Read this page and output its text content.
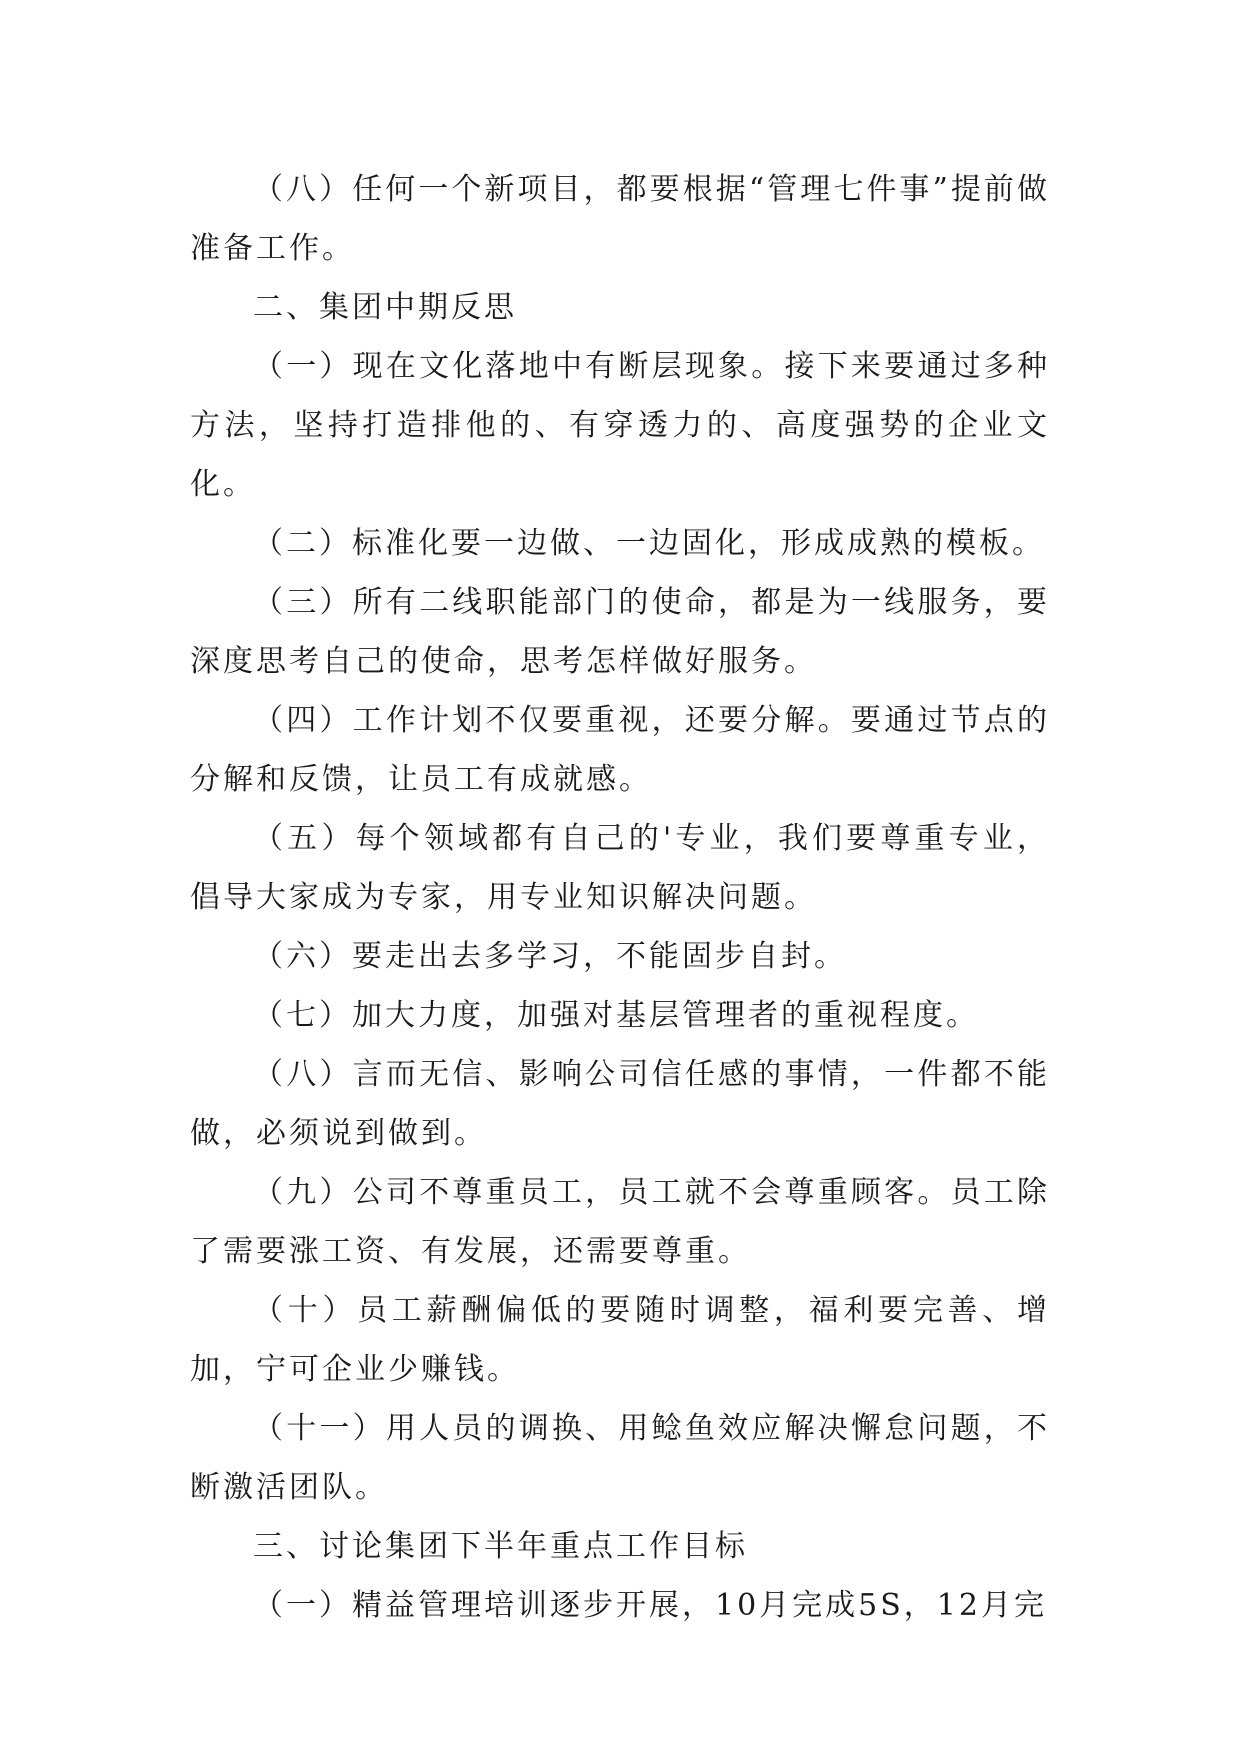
（八）任何一个新项目，都要根据“管理七件事”提前做准备工作。

二、集团中期反思

（一）现在文化落地中有断层现象。接下来要通过多种方法，坚持打造排他的、有穿透力的、高度强势的企业文化。

（二）标准化要一边做、一边固化，形成成熟的模板。

（三）所有二线职能部门的使命，都是为一线服务，要深度思考自己的使命，思考怎样做好服务。

（四）工作计划不仅要重视，还要分解。要通过节点的分解和反馈，让员工有成就感。

（五）每个领域都有自己的'专业，我们要尊重专业，倡导大家成为专家，用专业知识解决问题。

（六）要走出去多学习，不能固步自封。

（七）加大力度，加强对基层管理者的重视程度。

（八）言而无信、影响公司信任感的事情，一件都不能做，必须说到做到。

（九）公司不尊重员工，员工就不会尊重顾客。员工除了需要涨工资、有发展，还需要尊重。

（十）员工薪酬偏低的要随时调整，福利要完善、增加，宁可企业少赚钱。

（十一）用人员的调换、用鲶鱼效应解决懈怠问题，不断激活团队。

三、讨论集团下半年重点工作目标

（一）精益管理培训逐步开展，10月完成5S，12月完
